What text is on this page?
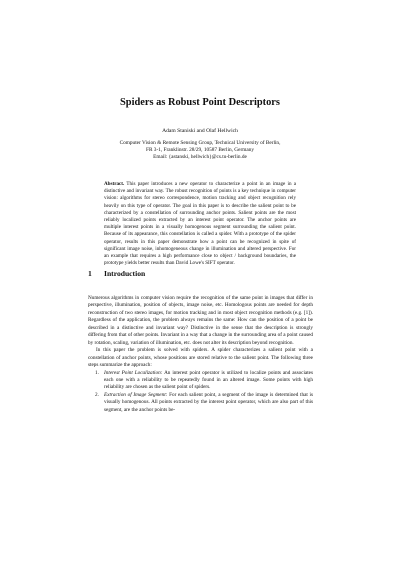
Spiders as Robust Point Descriptors
Adam Staniski and Olaf Hellwich
Computer Vision & Remote Sensing Group, Technical University of Berlin,
FR 3-1, Franklinstr. 28/29, 10587 Berlin, Germany
Email: {astanski, hellwich}@cs.tu-berlin.de
Abstract. This paper introduces a new operator to characterize a point in an image in a distinctive and invariant way. The robust recognition of points is a key technique in computer vision: algorithms for stereo correspondence, motion tracking and object recognition rely heavily on this type of operator. The goal in this paper is to describe the salient point to be characterized by a constellation of surrounding anchor points. Salient points are the most reliably localized points extracted by an interest point operator. The anchor points are multiple interest points in a visually homogenous segment surrounding the salient point. Because of its appearance, this constellation is called a spider. With a prototype of the spider operator, results in this paper demonstrate how a point can be recognized in spite of significant image noise, inhomogeneous change in illumination and altered perspective. For an example that requires a high performance close to object / background boundaries, the prototype yields better results than David Lowe's SIFT operator.
1 Introduction

Numerous algorithms in computer vision require the recognition of the same point in images that differ in perspective, illumination, position of objects, image noise, etc. Homologous points are needed for depth reconstruction of two stereo images, for motion tracking and in most object recognition methods (e.g. [1]). Regardless of the application, the problem always remains the same: How can the position of a point be described in a distinctive and invariant way? Distinctive in the sense that the description is strongly differing from that of other points. Invariant in a way that a change in the surrounding area of a point caused by rotation, scaling, variation of illumination, etc. does not alter its description beyond recognition.

In this paper the problem is solved with spiders. A spider characterizes a salient point with a constellation of anchor points, whose positions are stored relative to the salient point. The following three steps summarize the approach:

1. Interest Point Localization: An interest point operator is utilized to localize points and associates each one with a reliability to be repeatedly found in an altered image. Some points with high reliability are chosen as the salient point of spiders.
2. Extraction of Image Segment: For each salient point, a segment of the image is determined that is visually homogenous. All points extracted by the interest point operator, which are also part of this segment, are the anchor points be-
